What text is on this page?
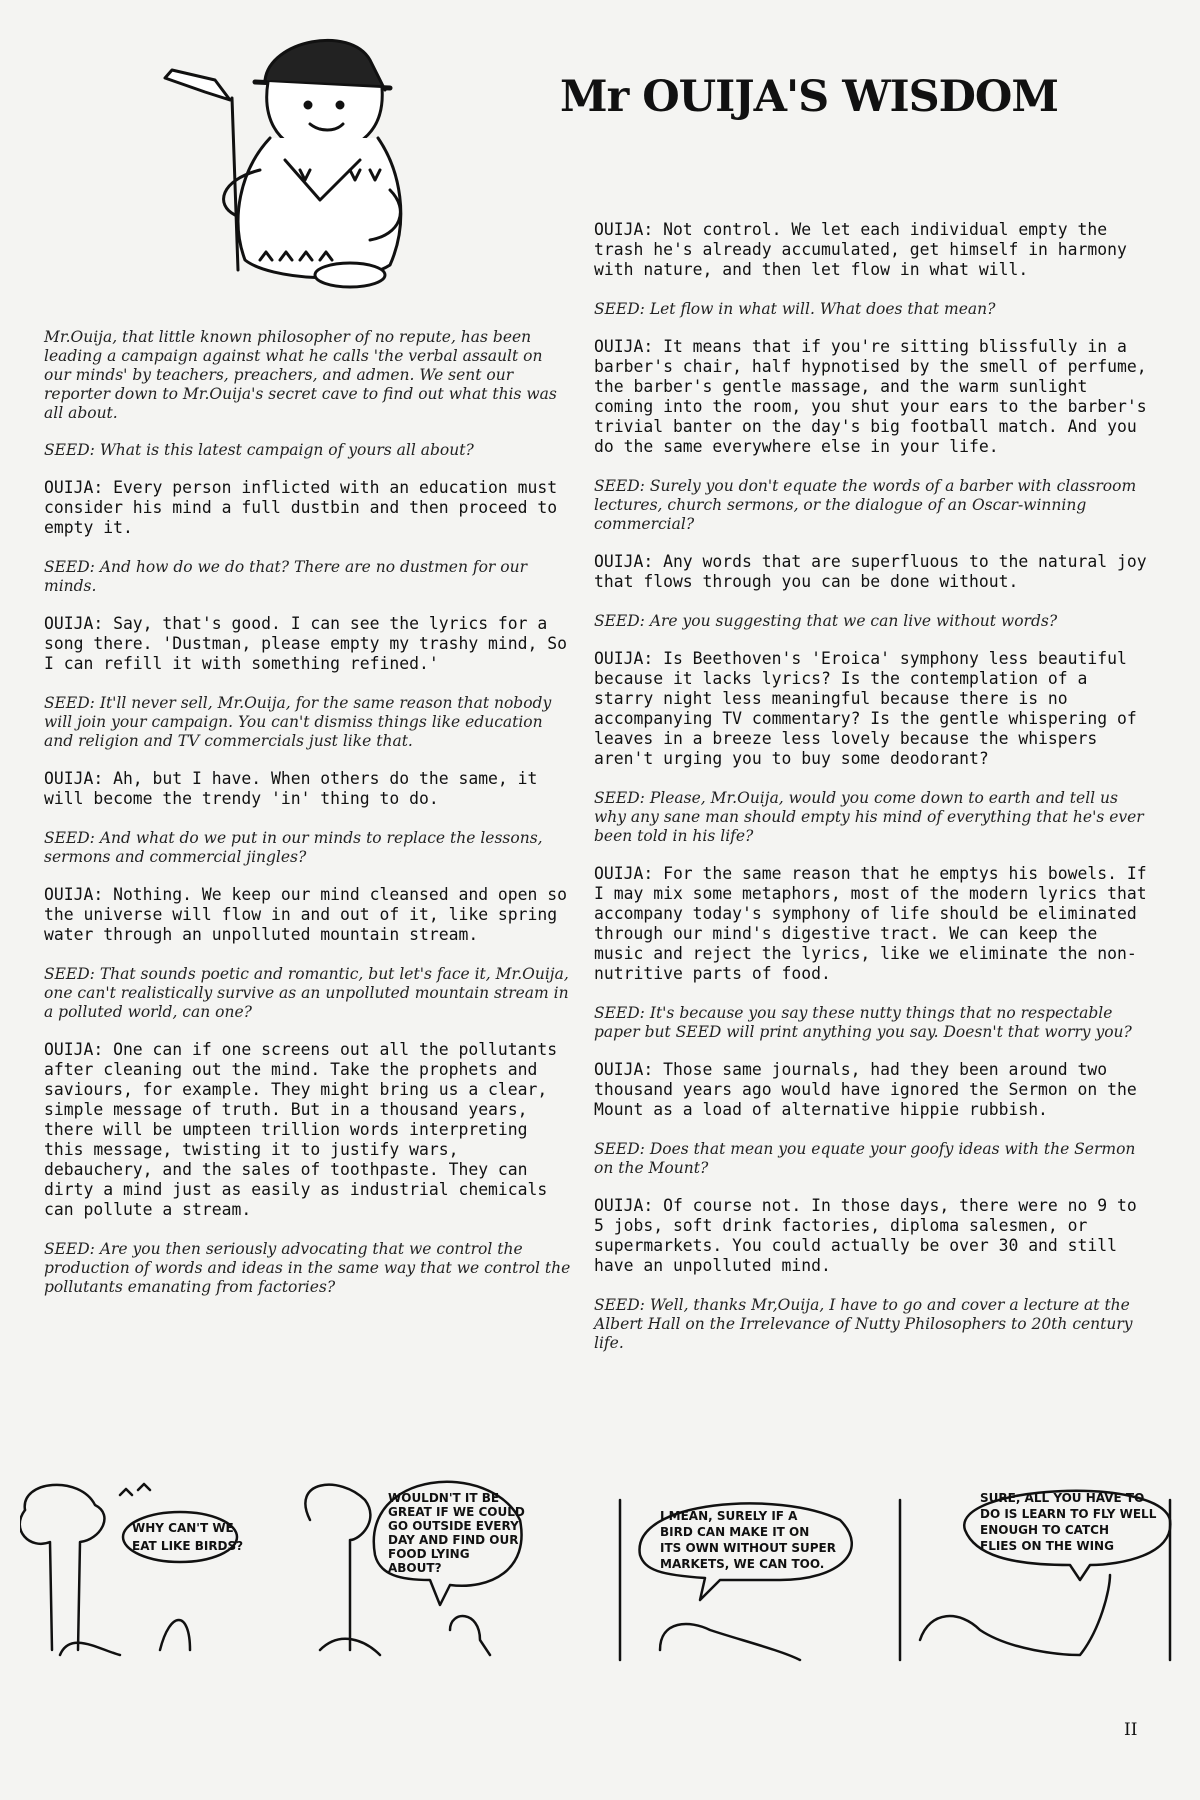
Mr OUIJA'S WISDOM

Mr.Ouija, that little known philosopher of no repute, has been leading a campaign against what he calls 'the verbal assault on our minds' by teachers, preachers, and admen. We sent our reporter down to Mr.Ouija's secret cave to find out what this was all about.

SEED: What is this latest campaign of yours all about?

OUIJA: Every person inflicted with an education must consider his mind a full dustbin and then proceed to empty it.

SEED: And how do we do that? There are no dustmen for our minds.

OUIJA: Say, that's good. I can see the lyrics for a song there. 'Dustman, please empty my trashy mind, So I can refill it with something refined.'

SEED: It'll never sell, Mr.Ouija, for the same reason that nobody will join your campaign. You can't dismiss things like education and religion and TV commercials just like that.

OUIJA: Ah, but I have. When others do the same, it will become the trendy 'in' thing to do.

SEED: And what do we put in our minds to replace the lessons, sermons and commercial jingles?

OUIJA: Nothing. We keep our mind cleansed and open so the universe will flow in and out of it, like spring water through an unpolluted mountain stream.

SEED: That sounds poetic and romantic, but let's face it, Mr.Ouija, one can't realistically survive as an unpolluted mountain stream in a polluted world, can one?

OUIJA: One can if one screens out all the pollutants after cleaning out the mind. Take the prophets and saviours, for example. They might bring us a clear, simple message of truth. But in a thousand years, there will be umpteen trillion words interpreting this message, twisting it to justify wars, debauchery, and the sales of toothpaste. They can dirty a mind just as easily as industrial chemicals can pollute a stream.

SEED: Are you then seriously advocating that we control the production of words and ideas in the same way that we control the pollutants emanating from factories?

OUIJA: Not control. We let each individual empty the trash he's already accumulated, get himself in harmony with nature, and then let flow in what will.

SEED: Let flow in what will. What does that mean?

OUIJA: It means that if you're sitting blissfully in a barber's chair, half hypnotised by the smell of perfume, the barber's gentle massage, and the warm sunlight coming into the room, you shut your ears to the barber's trivial banter on the day's big football match. And you do the same everywhere else in your life.

SEED: Surely you don't equate the words of a barber with classroom lectures, church sermons, or the dialogue of an Oscar-winning commercial?

OUIJA: Any words that are superfluous to the natural joy that flows through you can be done without.

SEED: Are you suggesting that we can live without words?

OUIJA: Is Beethoven's 'Eroica' symphony less beautiful because it lacks lyrics? Is the contemplation of a starry night less meaningful because there is no accompanying TV commentary? Is the gentle whispering of leaves in a breeze less lovely because the whispers aren't urging you to buy some deodorant?

SEED: Please, Mr.Ouija, would you come down to earth and tell us why any sane man should empty his mind of everything that he's ever been told in his life?

OUIJA: For the same reason that he emptys his bowels. If I may mix some metaphors, most of the modern lyrics that accompany today's symphony of life should be eliminated through our mind's digestive tract. We can keep the music and reject the lyrics, like we eliminate the non-nutritive parts of food.

SEED: It's because you say these nutty things that no respectable paper but SEED will print anything you say. Doesn't that worry you?

OUIJA: Those same journals, had they been around two thousand years ago would have ignored the Sermon on the Mount as a load of alternative hippie rubbish.

SEED: Does that mean you equate your goofy ideas with the Sermon on the Mount?

OUIJA: Of course not. In those days, there were no 9 to 5 jobs, soft drink factories, diploma salesmen, or supermarkets. You could actually be over 30 and still have an unpolluted mind.

SEED: Well, thanks Mr,Ouija, I have to go and cover a lecture at the Albert Hall on the Irrelevance of Nutty Philosophers to 20th century life.

WHY CAN'T WE
EAT LIKE BIRDS?
WOULDN'T IT BE
GREAT IF WE COULD
GO OUTSIDE EVERY
DAY AND FIND OUR
FOOD LYING
ABOUT?
I MEAN, SURELY IF A
BIRD CAN MAKE IT ON
ITS OWN WITHOUT SUPER
MARKETS, WE CAN TOO.
SURE, ALL YOU HAVE TO
DO IS LEARN TO FLY WELL
ENOUGH TO CATCH
FLIES ON THE WING
II
